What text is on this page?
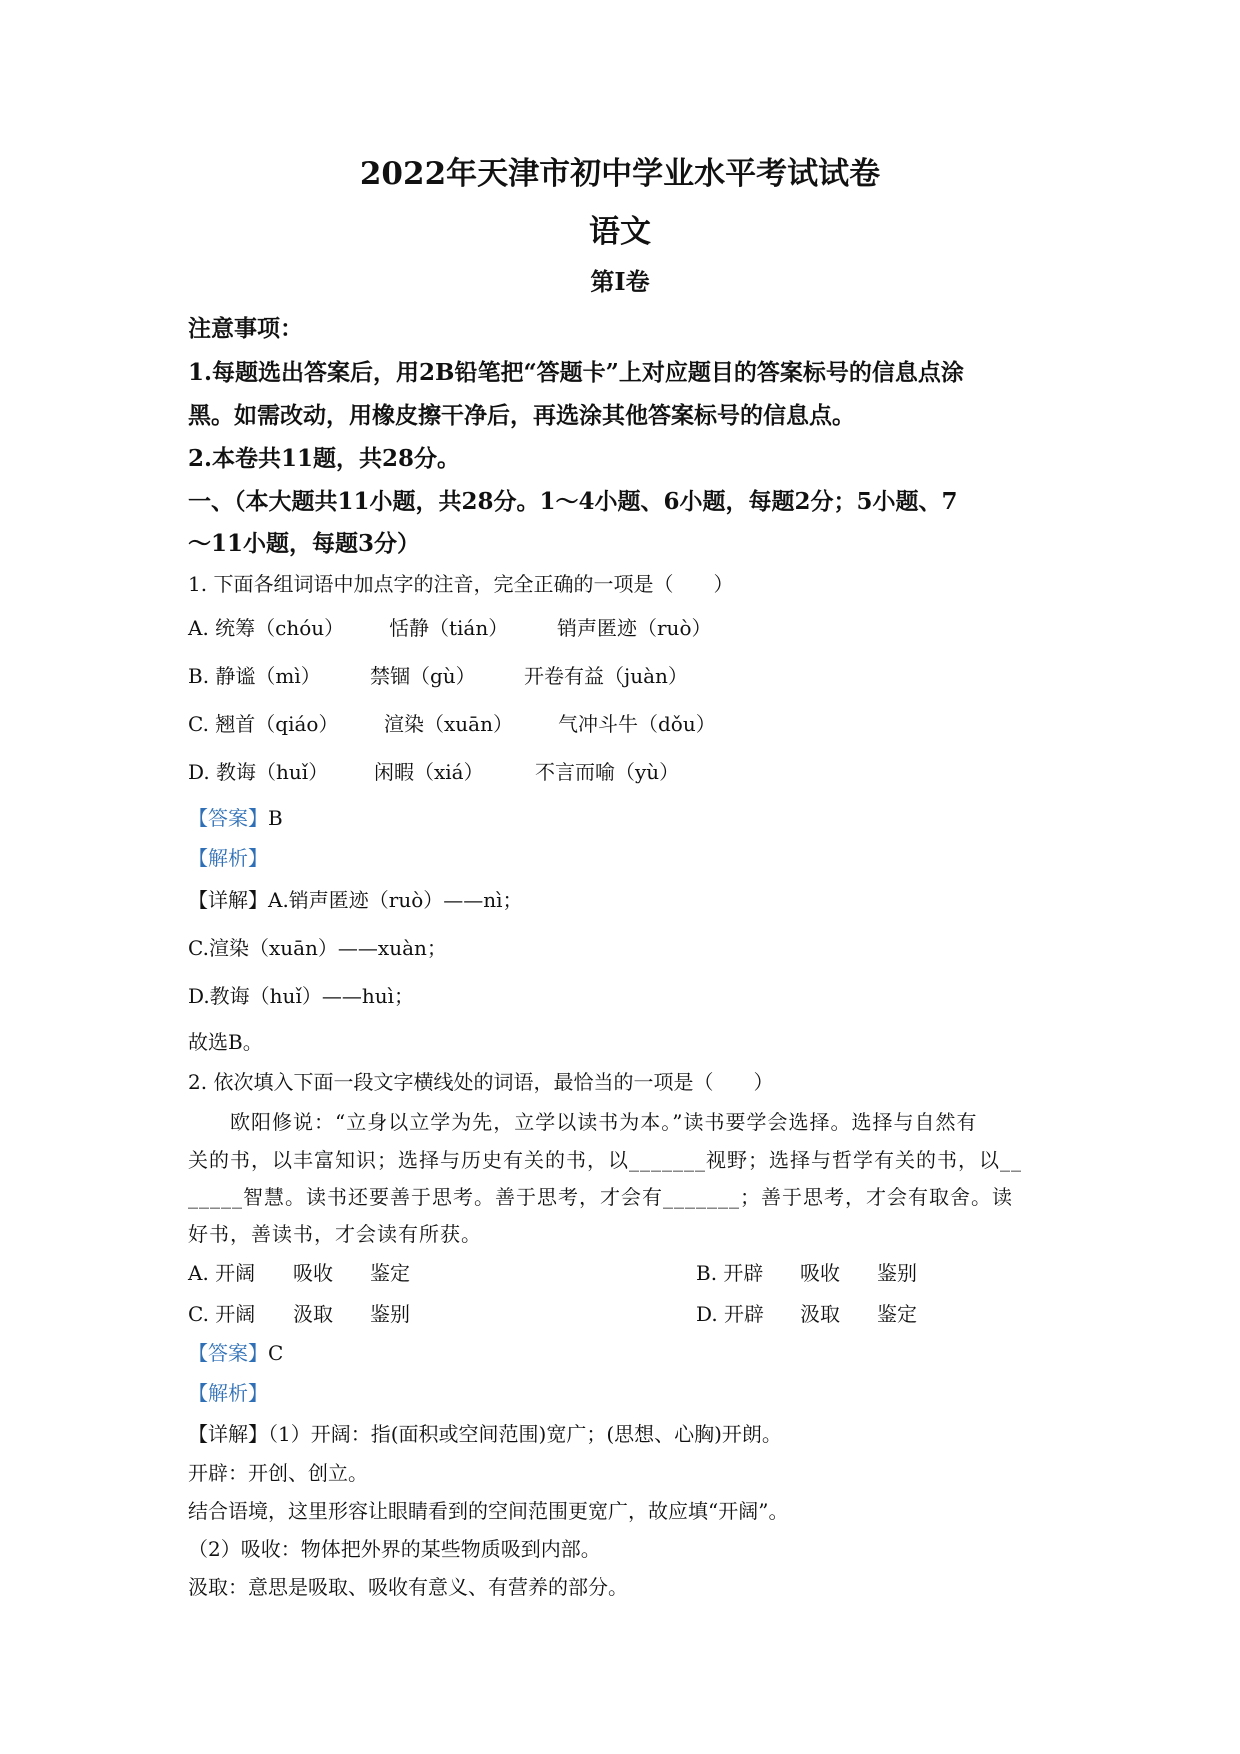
2022年天津市初中学业水平考试试卷
语文
第I卷
注意事项：
1.每题选出答案后，用2B铅笔把“答题卡”上对应题目的答案标号的信息点涂
黑。如需改动，用橡皮擦干净后，再选涂其他答案标号的信息点。
2.本卷共11题，共28分。
一、（本大题共11小题，共28分。1～4小题、6小题，每题2分；5小题、7
～11小题，每题3分）
1. 下面各组词语中加点字的注音，完全正确的一项是（　　）
A. 统筹（chóu） 恬静（tián） 销声匿迹（ruò）
B. 静谧（mì） 禁锢（gù） 开卷有益（juàn）
C. 翘首（qiáo） 渲染（xuān） 气冲斗牛（dǒu）
D. 教诲（huǐ） 闲暇（xiá）	不言而喻（yù）
【答案】B
【解析】
【详解】A.销声匿迹（ruò）——nì；
C.渲染（xuān）——xuàn；
D.教诲（huǐ）——huì；
故选B。
2. 依次填入下面一段文字横线处的词语，最恰当的一项是（　　）
　　欧阳修说：“立身以立学为先，立学以读书为本。”读书要学会选择。选择与自然有
关的书，以丰富知识；选择与历史有关的书，以_______视野；选择与哲学有关的书，以__
_____智慧。读书还要善于思考。善于思考，才会有_______；善于思考，才会有取舍。读
好书，善读书，才会读有所获。
A. 开阔 吸收 鉴定	B. 开辟 吸收 鉴别
C. 开阔 汲取 鉴别	D. 开辟 汲取 鉴定
【答案】C
【解析】
【详解】（1）开阔：指(面积或空间范围)宽广；(思想、心胸)开朗。
开辟：开创、创立。
结合语境，这里形容让眼睛看到的空间范围更宽广，故应填“开阔”。
（2）吸收：物体把外界的某些物质吸到内部。
汲取：意思是吸取、吸收有意义、有营养的部分。
